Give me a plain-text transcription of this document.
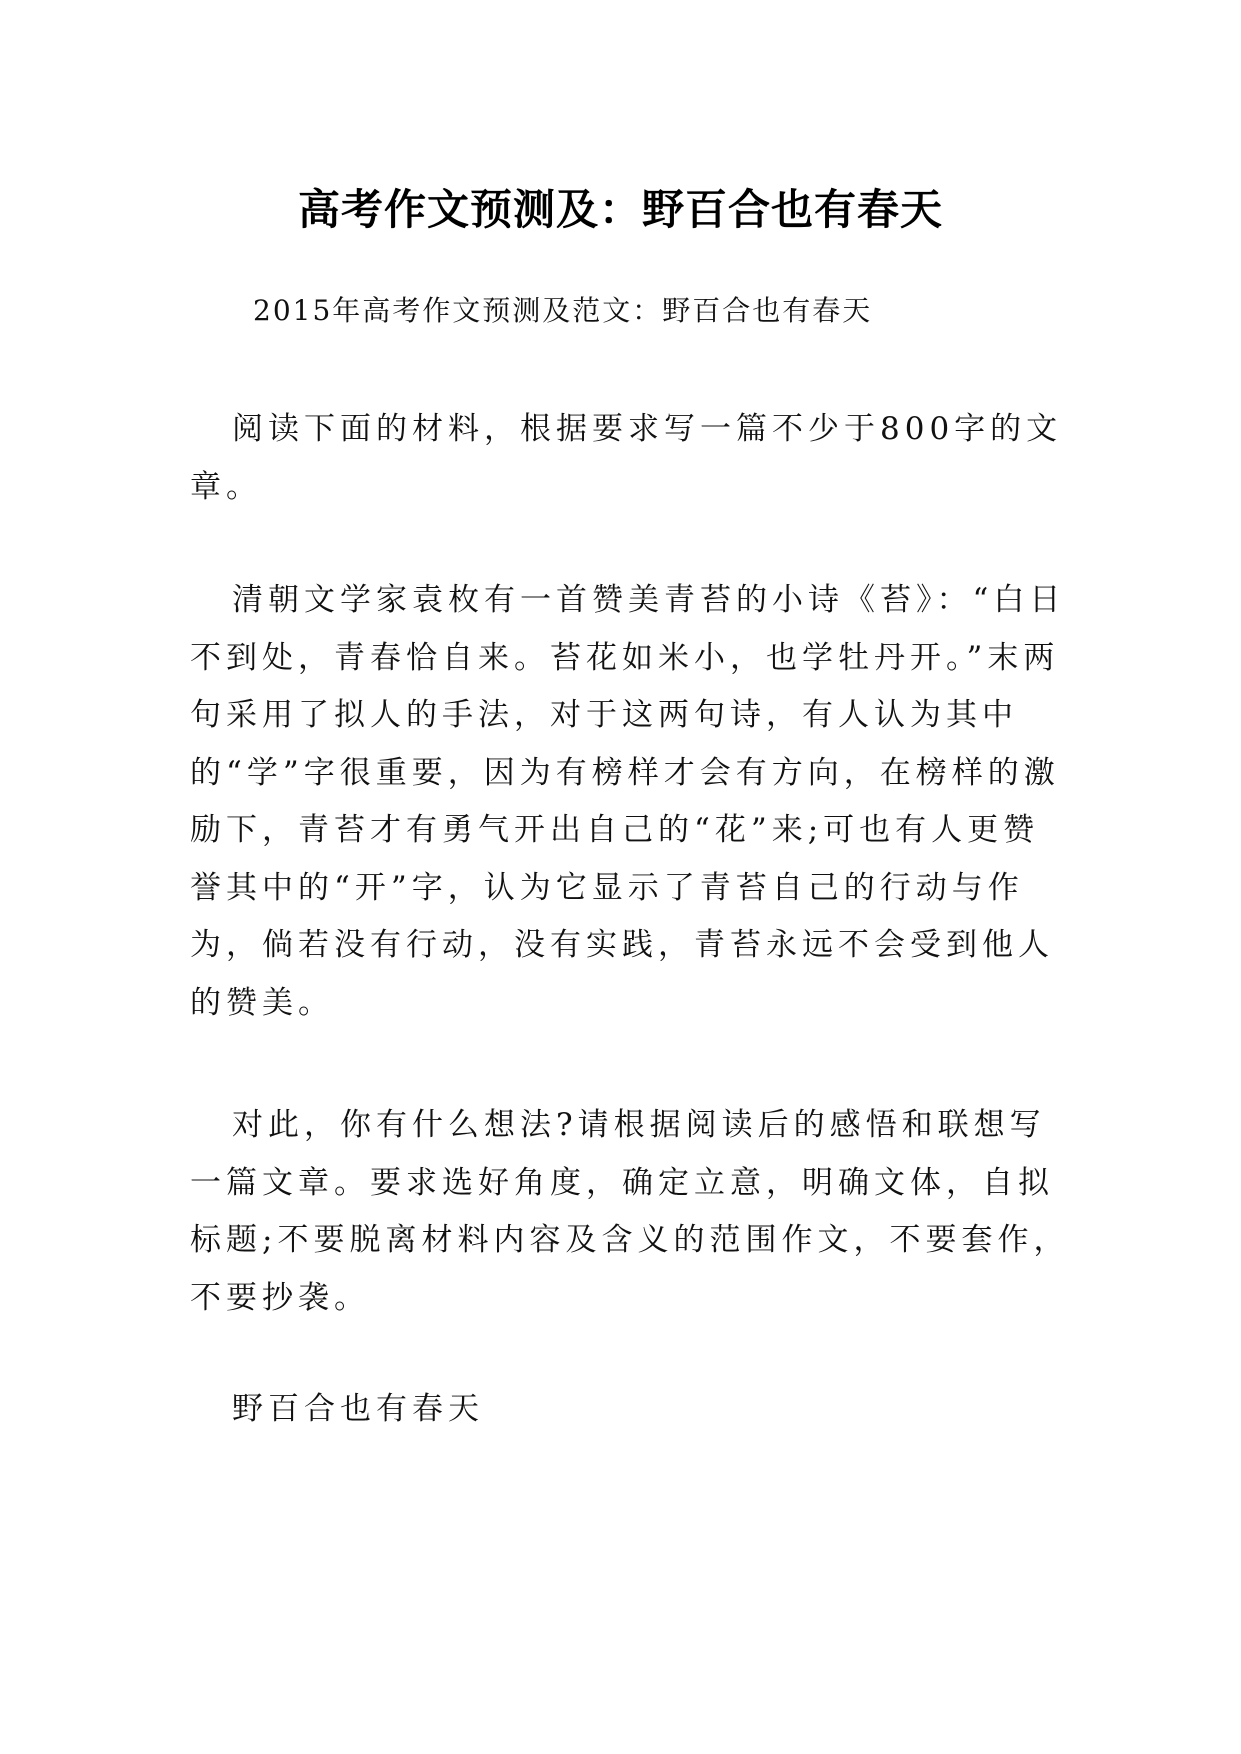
高考作文预测及：野百合也有春天
2015年高考作文预测及范文：野百合也有春天

阅读下面的材料，根据要求写一篇不少于800字的文章。

清朝文学家袁枚有一首赞美青苔的小诗《苔》：“白日不到处，青春恰自来。苔花如米小，也学牡丹开。”末两句采用了拟人的手法，对于这两句诗，有人认为其中的“学”字很重要，因为有榜样才会有方向，在榜样的激励下，青苔才有勇气开出自己的“花”来;可也有人更赞誉其中的“开”字，认为它显示了青苔自己的行动与作为，倘若没有行动，没有实践，青苔永远不会受到他人的赞美。

对此，你有什么想法?请根据阅读后的感悟和联想写一篇文章。要求选好角度，确定立意，明确文体，自拟标题;不要脱离材料内容及含义的范围作文，不要套作，不要抄袭。

野百合也有春天
